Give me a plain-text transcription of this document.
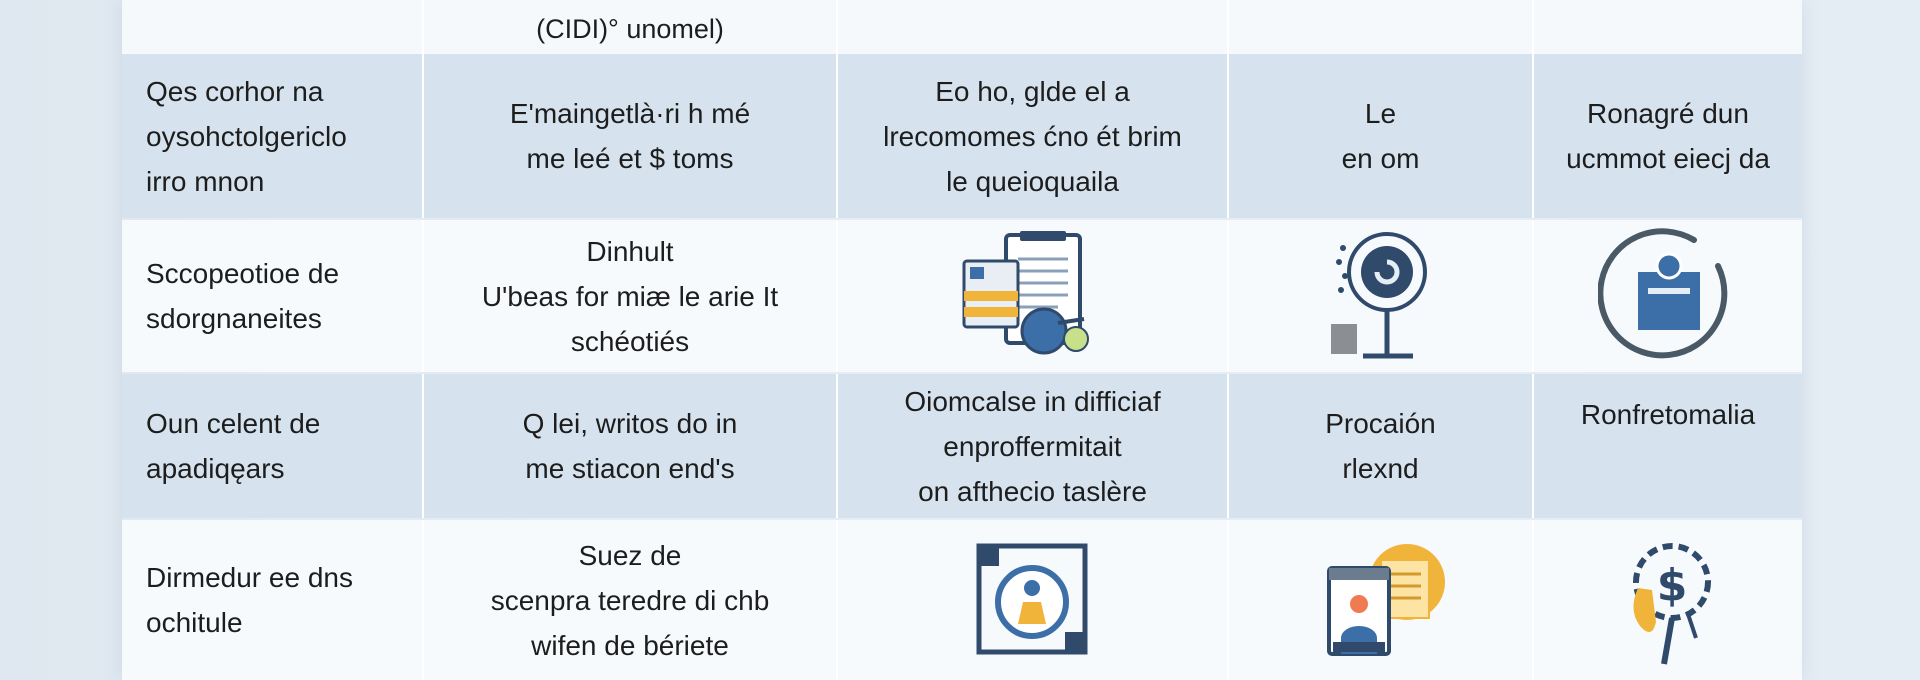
(CIDI)° unomel)
Qes corhor na
oysohctolgericlo
irro mnon
E'maingetlà·ri h mé
me leé et $ toms
Eo ho, glde el a
lrecomomes ćno ét brim
le queioquaila
Le
en om
Ronagré dun
ucmmot eiecj da
Sccopeotioe de
sdorgnaneites
Dinhult
U'beas for miæ le arie It
schéotiés
Oun celent de
apadiqęars
Q lei, writos do in
me stiacon end's
Oiomcalse in difficiaf
enproffermitait
on afthecio taslère
Procaión
rlexnd
Ronfretomalia
Dirmedur ee dns
ochitule
Suez de
scenpra teredre di chb
wifen de bériete
$
